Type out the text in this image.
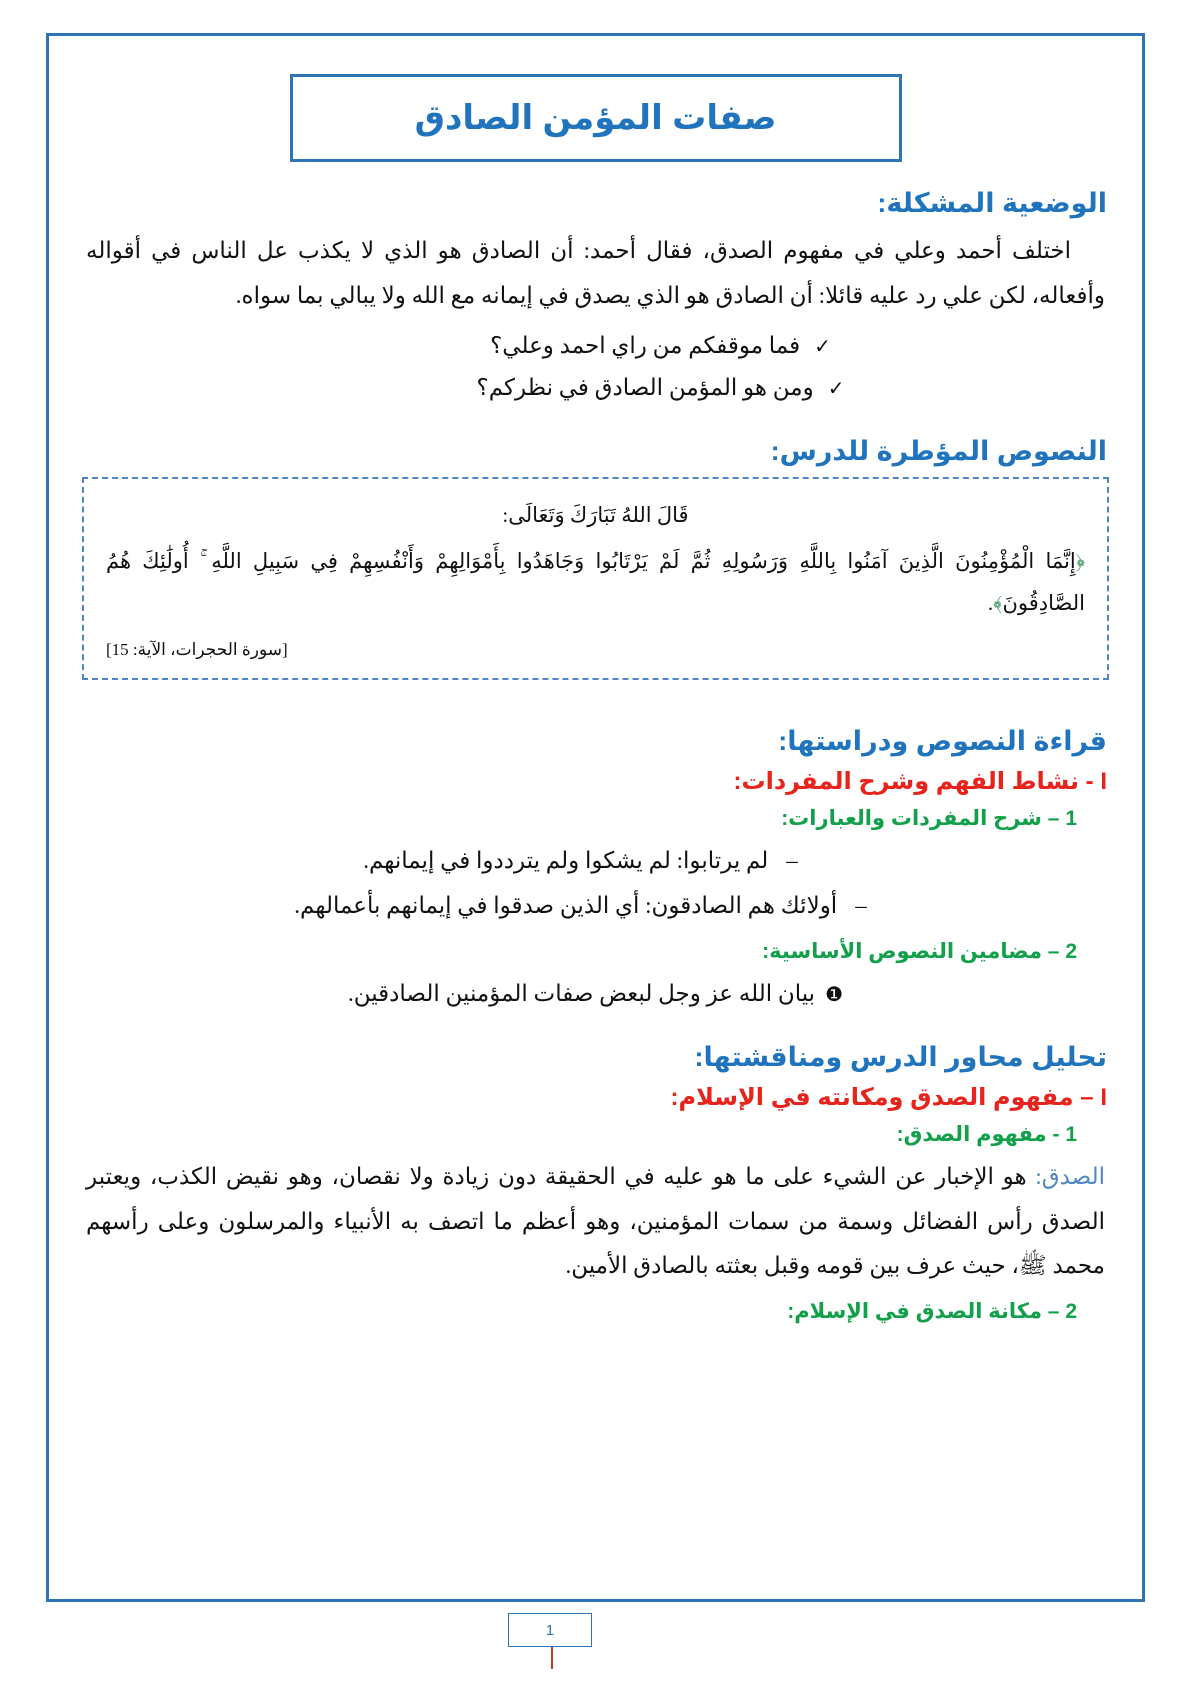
صفات المؤمن الصادق
الوضعية المشكلة:

اختلف أحمد وعلي في مفهوم الصدق، فقال أحمد: أن الصادق هو الذي لا يكذب عل الناس في أقواله وأفعاله، لكن علي رد عليه قائلا: أن الصادق هو الذي يصدق في إيمانه مع الله ولا يبالي بما سواه.

✓فما موقفكم من راي احمد وعلي؟
✓ومن هو المؤمن الصادق في نظركم؟
النصوص المؤطرة للدرس:
قَالَ اللهُ تَبَارَكَ وَتَعَالَى:
﴿إِنَّمَا الْمُؤْمِنُونَ الَّذِينَ آمَنُوا بِاللَّهِ وَرَسُولِهِ ثُمَّ لَمْ يَرْتَابُوا وَجَاهَدُوا بِأَمْوَالِهِمْ وَأَنْفُسِهِمْ فِي سَبِيلِ اللَّهِ ۚ أُولَٰئِكَ هُمُ الصَّادِقُونَ﴾.
[سورة الحجرات، الآية: 15]
قراءة النصوص ودراستها:
I - نشاط الفهم وشرح المفردات:
1 – شرح المفردات والعبارات:
–لم يرتابوا: لم يشكوا ولم يترددوا في إيمانهم.
–أولائك هم الصادقون: أي الذين صدقوا في إيمانهم بأعمالهم.
2 – مضامين النصوص الأساسية:
❶بيان الله عز وجل لبعض صفات المؤمنين الصادقين.
تحليل محاور الدرس ومناقشتها:
I – مفهوم الصدق ومكانته في الإسلام:
1 - مفهوم الصدق:

الصدق: هو الإخبار عن الشيء على ما هو عليه في الحقيقة دون زيادة ولا نقصان، وهو نقيض الكذب، ويعتبر الصدق رأس الفضائل وسمة من سمات المؤمنين، وهو أعظم ما اتصف به الأنبياء والمرسلون وعلى رأسهم محمد ﷺ، حيث عرف بين قومه وقبل بعثته بالصادق الأمين.

2 – مكانة الصدق في الإسلام:
1
